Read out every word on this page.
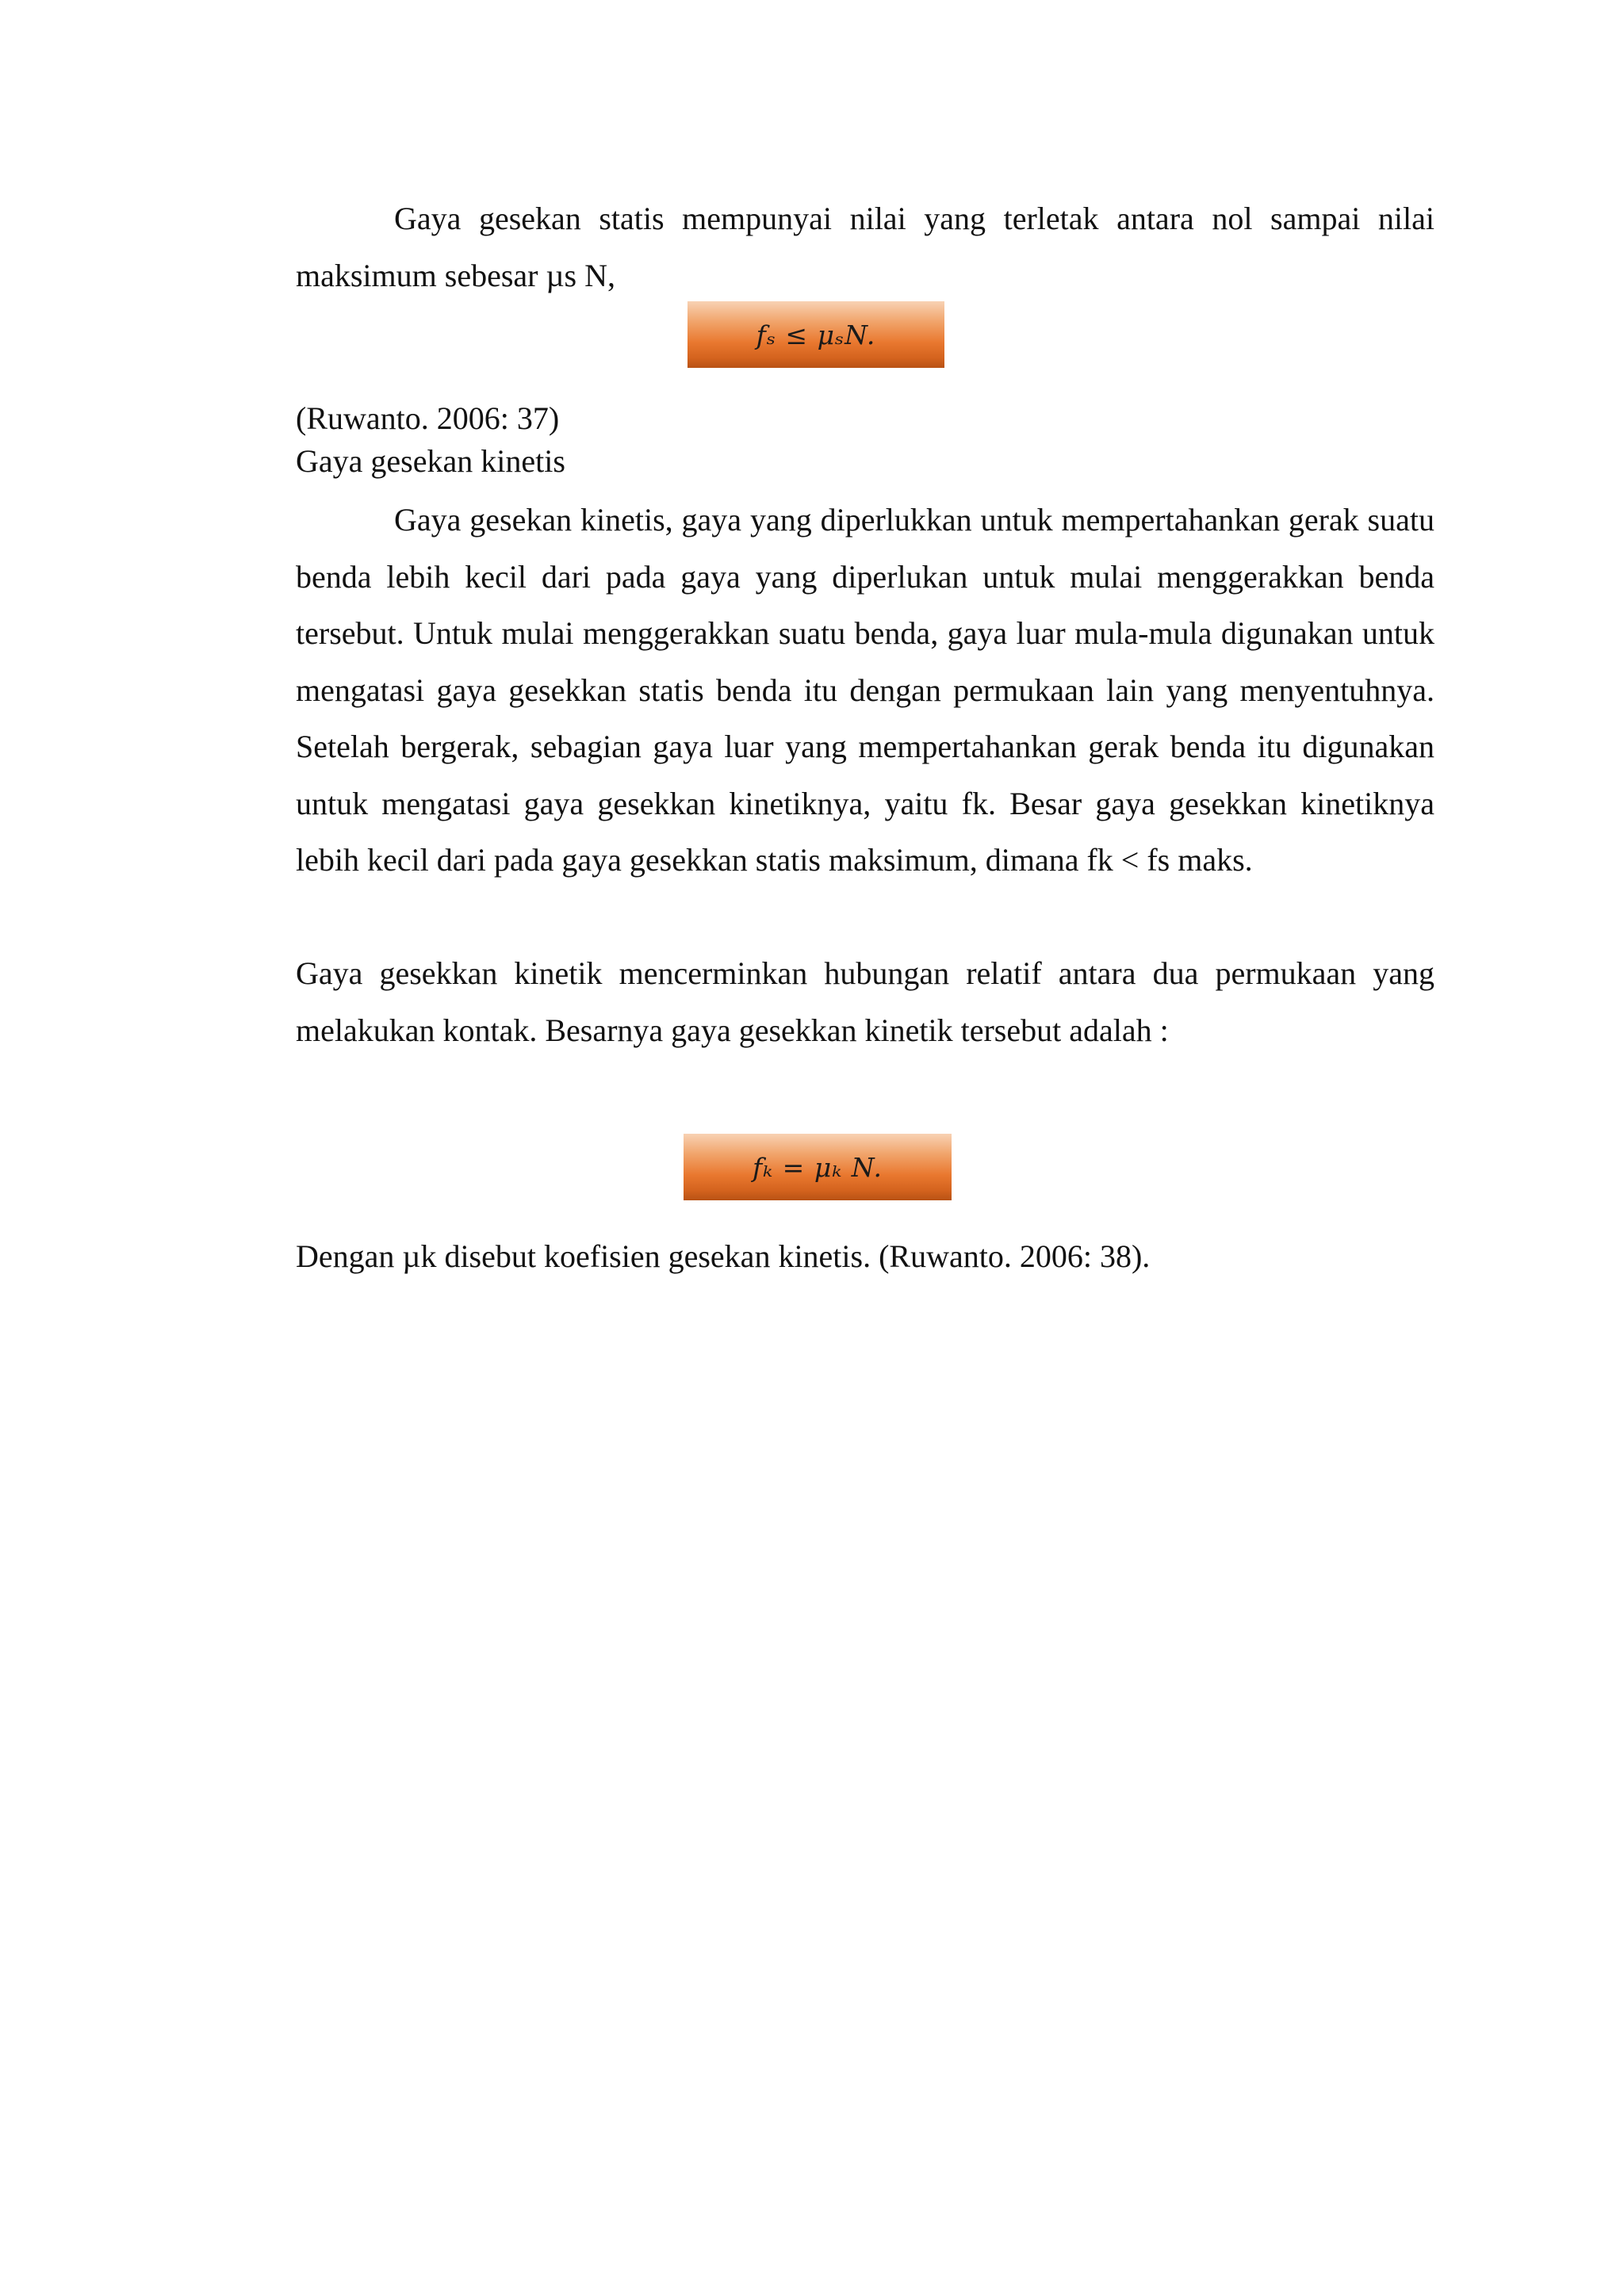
Gaya gesekan statis mempunyai nilai yang terletak antara nol sampai nilai maksimum sebesar µs N,

fₛ ≤ μₛN.

(Ruwanto. 2006: 37)

Gaya gesekan kinetis

Gaya gesekan kinetis, gaya yang diperlukkan untuk mempertahankan gerak suatu benda lebih kecil dari pada gaya yang diperlukan untuk mulai menggerakkan benda tersebut. Untuk mulai menggerakkan suatu benda, gaya luar mula-mula digunakan untuk mengatasi gaya gesekkan statis benda itu dengan permukaan lain yang menyentuhnya. Setelah bergerak, sebagian gaya luar yang mempertahankan gerak benda itu digunakan untuk mengatasi gaya gesekkan kinetiknya, yaitu fk. Besar gaya gesekkan kinetiknya lebih kecil dari pada gaya gesekkan statis maksimum, dimana fk < fs maks.

Gaya gesekkan kinetik mencerminkan hubungan relatif antara dua permukaan yang melakukan kontak. Besarnya gaya gesekkan kinetik tersebut adalah :

fₖ = μₖ N.

Dengan µk disebut koefisien gesekan kinetis. (Ruwanto. 2006: 38).
